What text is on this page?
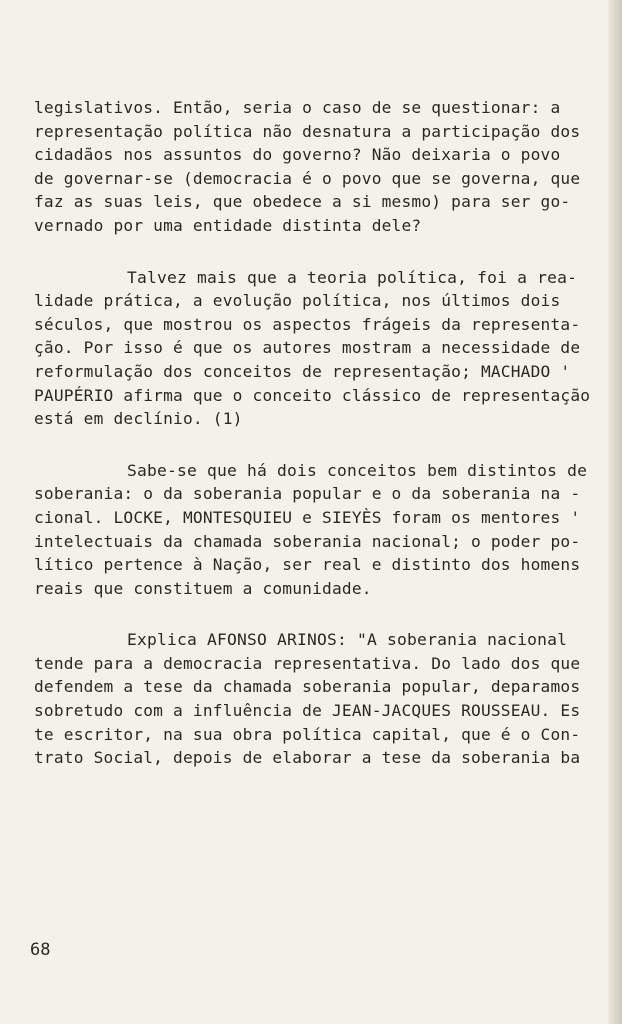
legislativos. Então, seria o caso de se questionar: a
representação política não desnatura a participação dos
cidadãos nos assuntos do governo? Não deixaria o povo
de governar-se (democracia é o povo que se governa, que
faz as suas leis, que obedece a si mesmo) para ser go-
vernado por uma entidade distinta dele?
Talvez mais que a teoria política, foi a rea-
lidade prática, a evolução política, nos últimos dois
séculos, que mostrou os aspectos frágeis da representa-
ção. Por isso é que os autores mostram a necessidade de
reformulação dos conceitos de representação; MACHADO '
PAUPÉRIO afirma que o conceito clássico de representação
está em declínio. (1)
Sabe-se que há dois conceitos bem distintos de
soberania: o da soberania popular e o da soberania na -
cional. LOCKE, MONTESQUIEU e SIEYÈS foram os mentores '
intelectuais da chamada soberania nacional; o poder po-
lítico pertence à Nação, ser real e distinto dos homens
reais que constituem a comunidade.
Explica AFONSO ARINOS: "A soberania nacional
tende para a democracia representativa. Do lado dos que
defendem a tese da chamada soberania popular, deparamos
sobretudo com a influência de JEAN-JACQUES ROUSSEAU. Es
te escritor, na sua obra política capital, que é o Con-
trato Social, depois de elaborar a tese da soberania ba
68
